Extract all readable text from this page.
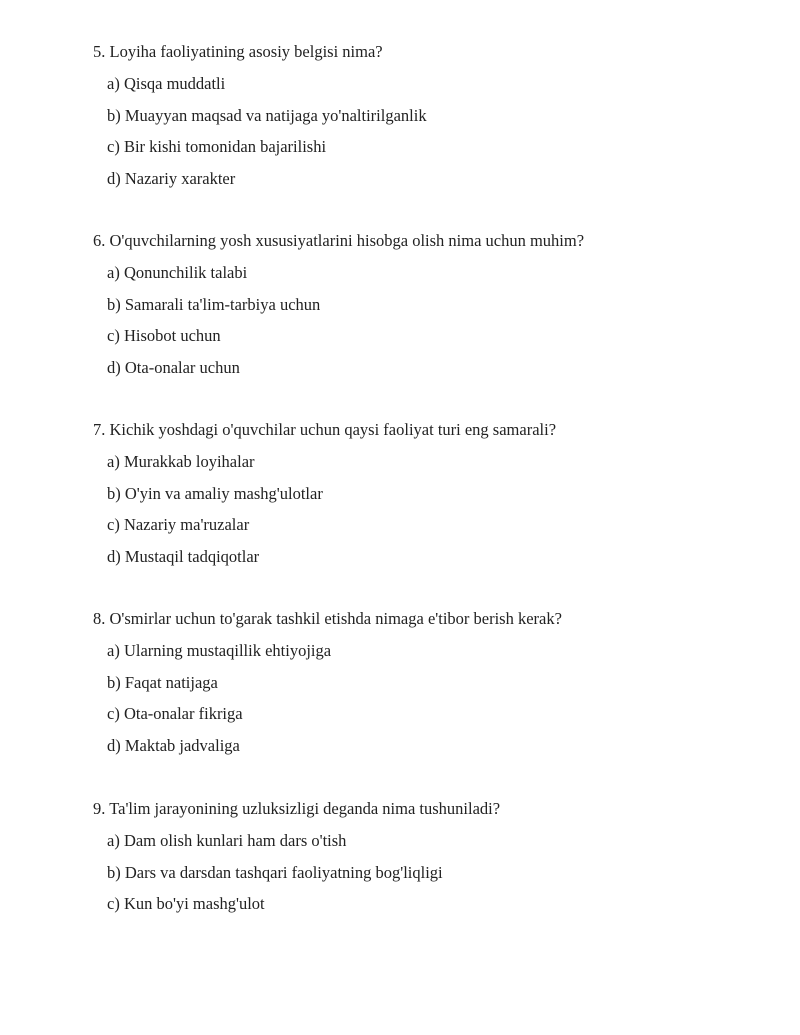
5. Loyiha faoliyatining asosiy belgisi nima?
a) Qisqa muddatli
b) Muayyan maqsad va natijaga yo'naltirilganlik
c) Bir kishi tomonidan bajarilishi
d) Nazariy xarakter
6. O'quvchilarning yosh xususiyatlarini hisobga olish nima uchun muhim?
a) Qonunchilik talabi
b) Samarali ta'lim-tarbiya uchun
c) Hisobot uchun
d) Ota-onalar uchun
7. Kichik yoshdagi o'quvchilar uchun qaysi faoliyat turi eng samarali?
a) Murakkab loyihalar
b) O'yin va amaliy mashg'ulotlar
c) Nazariy ma'ruzalar
d) Mustaqil tadqiqotlar
8. O'smirlar uchun to'garak tashkil etishda nimaga e'tibor berish kerak?
a) Ularning mustaqillik ehtiyojiga
b) Faqat natijaga
c) Ota-onalar fikriga
d) Maktab jadvaliga
9. Ta'lim jarayonining uzluksizligi deganda nima tushuniladi?
a) Dam olish kunlari ham dars o'tish
b) Dars va darsdan tashqari faoliyatning bog'liqligi
c) Kun bo'yi mashg'ulot
